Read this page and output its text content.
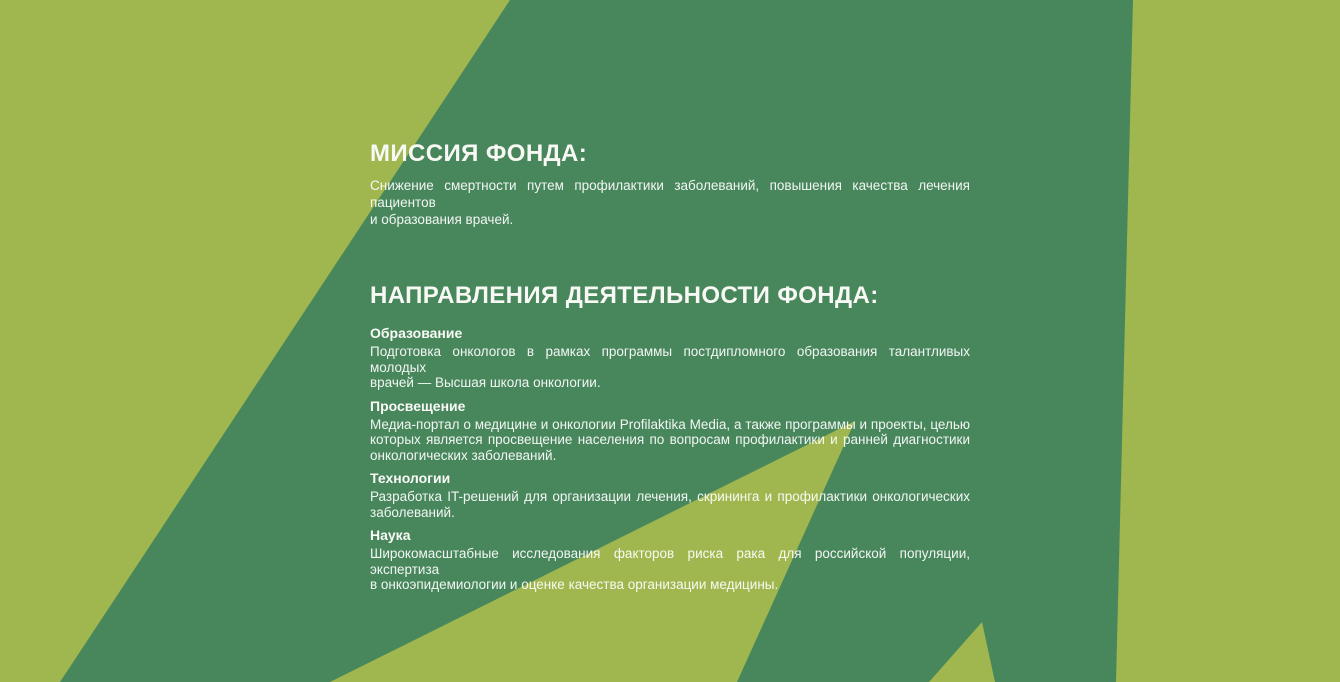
МИССИЯ ФОНДА:
Снижение смертности путем профилактики заболеваний, повышения качества лечения пациентов
и образования врачей.
НАПРАВЛЕНИЯ ДЕЯТЕЛЬНОСТИ ФОНДА:
Образование
Подготовка онкологов в рамках программы постдипломного образования талантливых молодых
врачей — Высшая школа онкологии.
Просвещение
Медиа-портал о медицине и онкологии Profilaktika Media, а также программы и проекты, целью
которых является просвещение населения по вопросам профилактики и ранней диагностики
онкологических заболеваний.
Технологии
Разработка IT-решений для организации лечения, скрининга и профилактики онкологических
заболеваний.
Наука
Широкомасштабные исследования факторов риска рака для российской популяции, экспертиза
в онкоэпидемиологии и оценке качества организации медицины.
